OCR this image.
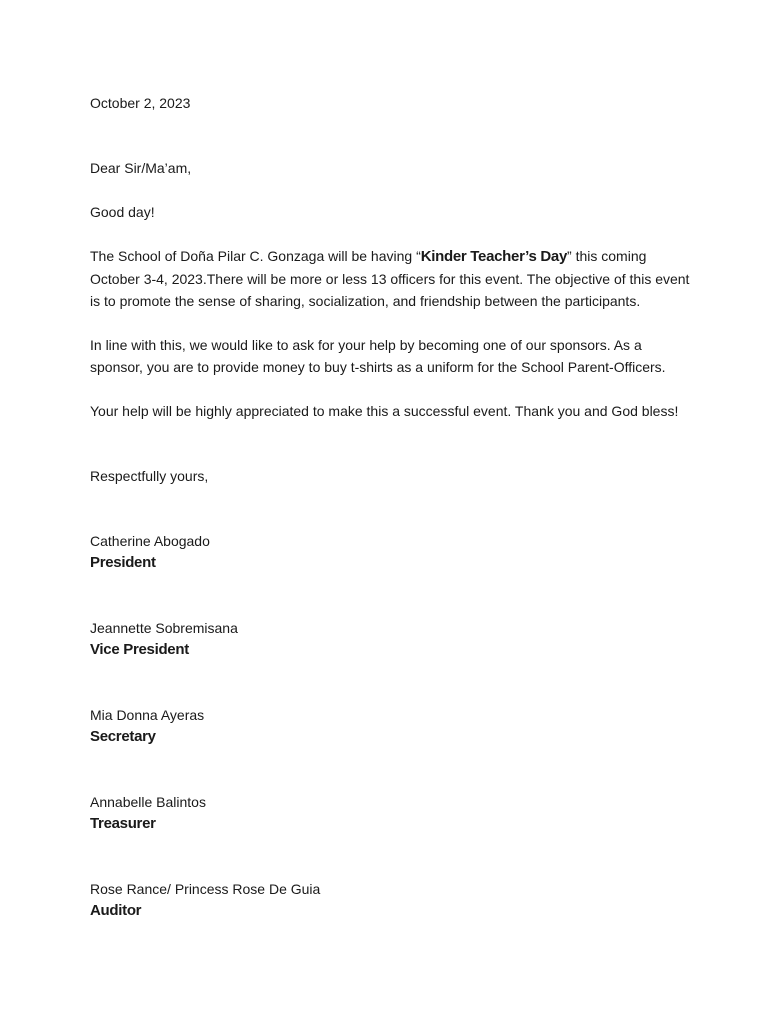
October 2, 2023

Dear Sir/Ma’am,

Good day!

The School of Doña Pilar C. Gonzaga will be having “Kinder Teacher’s Day” this coming October 3-4, 2023.There will be more or less 13 officers for this event. The objective of this event is to promote the sense of sharing, socialization, and friendship between the participants.

In line with this, we would like to ask for your help by becoming one of our sponsors. As a sponsor, you are to provide money to buy t-shirts as a uniform for the School Parent-Officers.

Your help will be highly appreciated to make this a successful event. Thank you and God bless!

Respectfully yours,

Catherine Abogado
President
Jeannette Sobremisana
Vice President
Mia Donna Ayeras
Secretary
Annabelle Balintos
Treasurer
Rose Rance/ Princess Rose De Guia
Auditor
